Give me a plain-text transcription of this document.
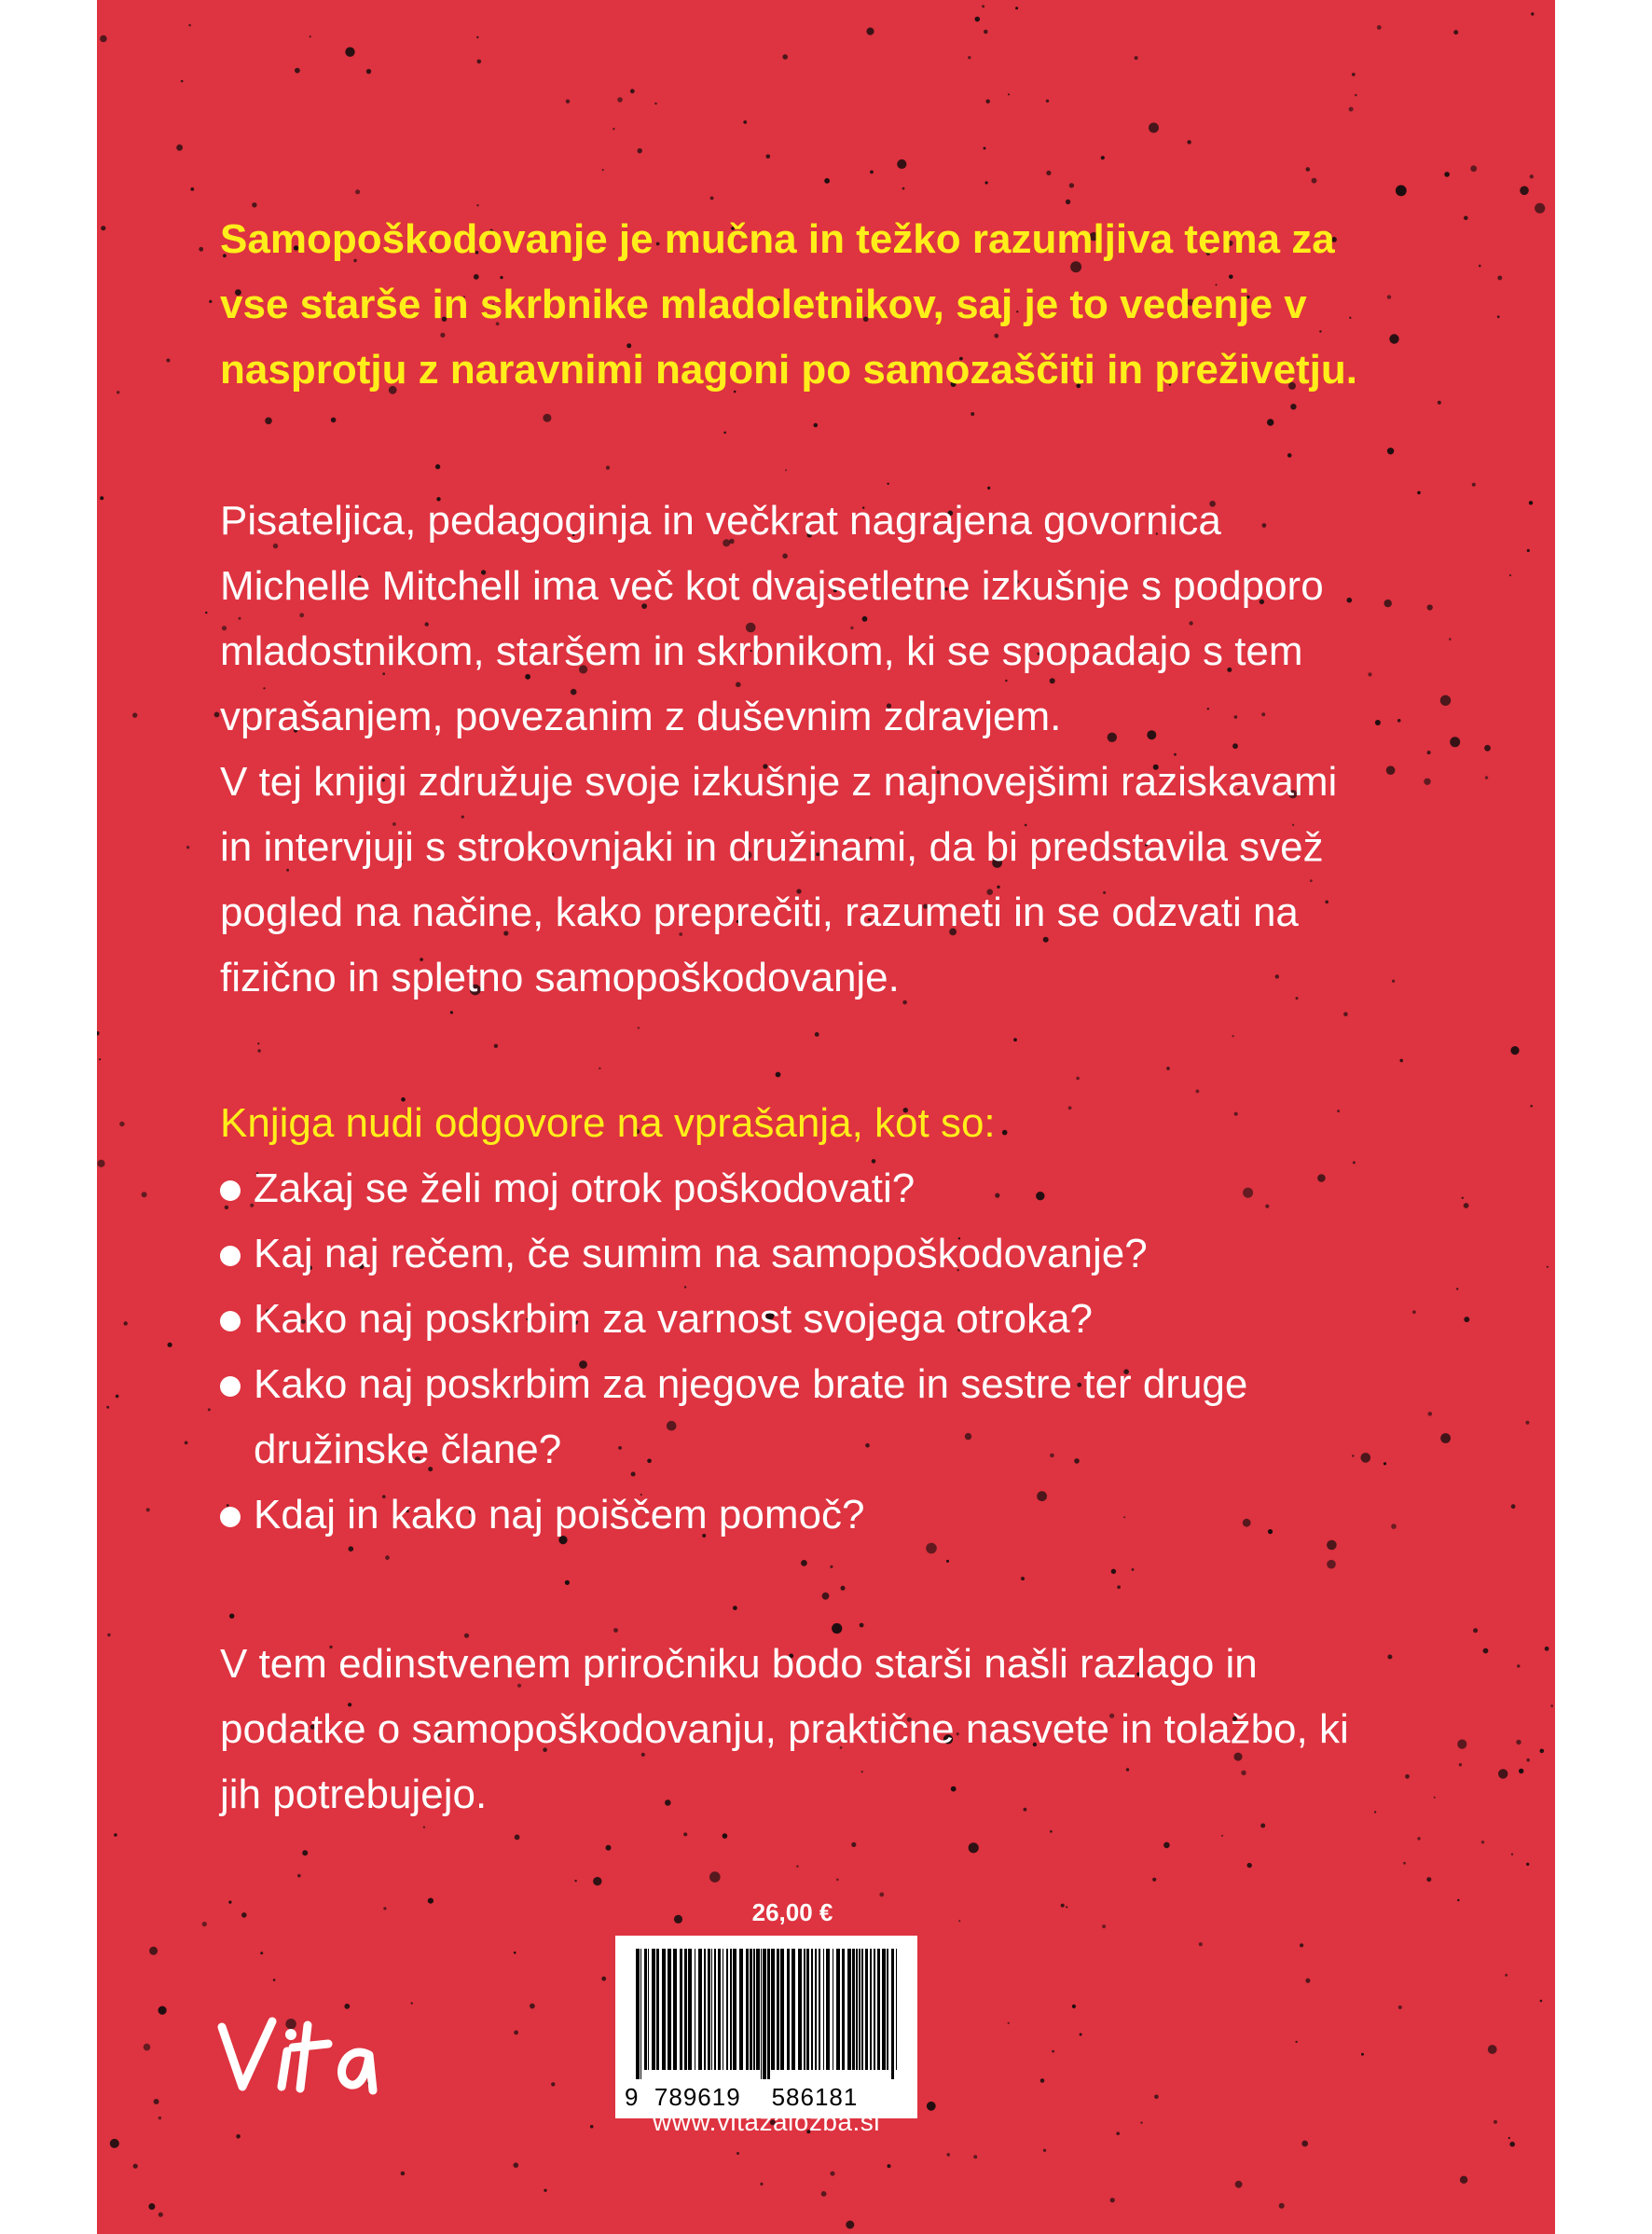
Samopoškodovanje je mučna in težko razumljiva tema za
vse starše in skrbnike mladoletnikov, saj je to vedenje v
nasprotju z naravnimi nagoni po samozaščiti in preživetju.

Pisateljica, pedagoginja in večkrat nagrajena govornica
Michelle Mitchell ima več kot dvajsetletne izkušnje s podporo
mladostnikom, staršem in skrbnikom, ki se spopadajo s tem
vprašanjem, povezanim z duševnim zdravjem.
V tej knjigi združuje svoje izkušnje z najnovejšimi raziskavami
in intervjuji s strokovnjaki in družinami, da bi predstavila svež
pogled na načine, kako preprečiti, razumeti in se odzvati na
fizično in spletno samopoškodovanje.

Knjiga nudi odgovore na vprašanja, kot so:

Zakaj se želi moj otrok poškodovati?
Kaj naj rečem, če sumim na samopoškodovanje?
Kako naj poskrbim za varnost svojega otroka?
Kako naj poskrbim za njegove brate in sestre ter druge
družinske člane?
Kdaj in kako naj poiščem pomoč?

V tem edinstvenem priročniku bodo starši našli razlago in
podatke o samopoškodovanju, praktične nasvete in tolažbo, ki
jih potrebujejo.

26,00 €
9 789619 586181
www.vitazalozba.si
